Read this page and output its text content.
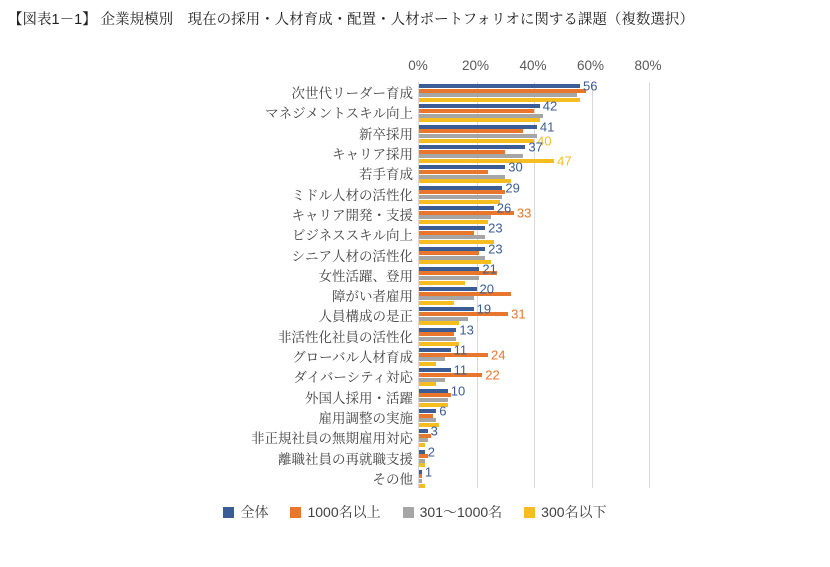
【図表1－1】 企業規模別　現在の採用・人材育成・配置・人材ポートフォリオに関する課題（複数選択）
0%	20% 40% 60% 80%
次世代リーダー育成	56
マネジメントスキル向上	42
新卒採用	41
40
キャリア採用	37
47
若手育成	30
ミドル人材の活性化	29
キャリア開発・支援	26 33
ビジネススキル向上	23
シニア人材の活性化	23
女性活躍、登用	21
障がい者雇用	20
人員構成の是正	19 31
非活性化社員の活性化	13
グローバル人材育成	11 24
ダイバーシティ対応	11 22
外国人採用・活躍	10
雇用調整の実施 6
非正規社員の無期雇用対応 3
離職社員の再就職支援 2
その他 1
全体	1000名以上	301〜1000名	300名以下
